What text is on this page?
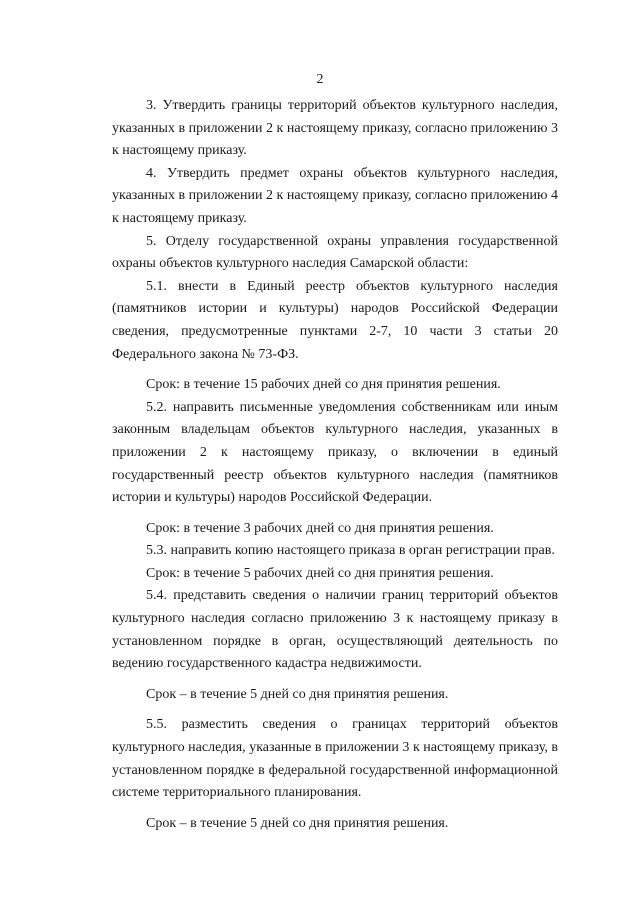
2

3. Утвердить границы территорий объектов культурного наследия, указанных в приложении 2 к настоящему приказу, согласно приложению 3 к настоящему приказу.

4. Утвердить предмет охраны объектов культурного наследия, указанных в приложении 2 к настоящему приказу, согласно приложению 4 к настоящему приказу.

5. Отделу государственной охраны управления государственной охраны объектов культурного наследия Самарской области:

5.1. внести в Единый реестр объектов культурного наследия (памятников истории и культуры) народов Российской Федерации сведения, предусмотренные пунктами 2-7, 10 части 3 статьи 20 Федерального закона № 73-ФЗ.

Срок: в течение 15 рабочих дней со дня принятия решения.

5.2. направить письменные уведомления собственникам или иным законным владельцам объектов культурного наследия, указанных в приложении 2 к настоящему приказу, о включении в единый государственный реестр объектов культурного наследия (памятников истории и культуры) народов Российской Федерации.

Срок: в течение 3 рабочих дней со дня принятия решения.

5.3. направить копию настоящего приказа в орган регистрации прав.

Срок: в течение 5 рабочих дней со дня принятия решения.

5.4. представить сведения о наличии границ территорий объектов культурного наследия согласно приложению 3 к настоящему приказу в установленном порядке в орган, осуществляющий деятельность по ведению государственного кадастра недвижимости.

Срок – в течение 5 дней со дня принятия решения.

5.5. разместить сведения о границах территорий объектов культурного наследия, указанные в приложении 3 к настоящему приказу, в установленном порядке в федеральной государственной информационной системе территориального планирования.

Срок – в течение 5 дней со дня принятия решения.
